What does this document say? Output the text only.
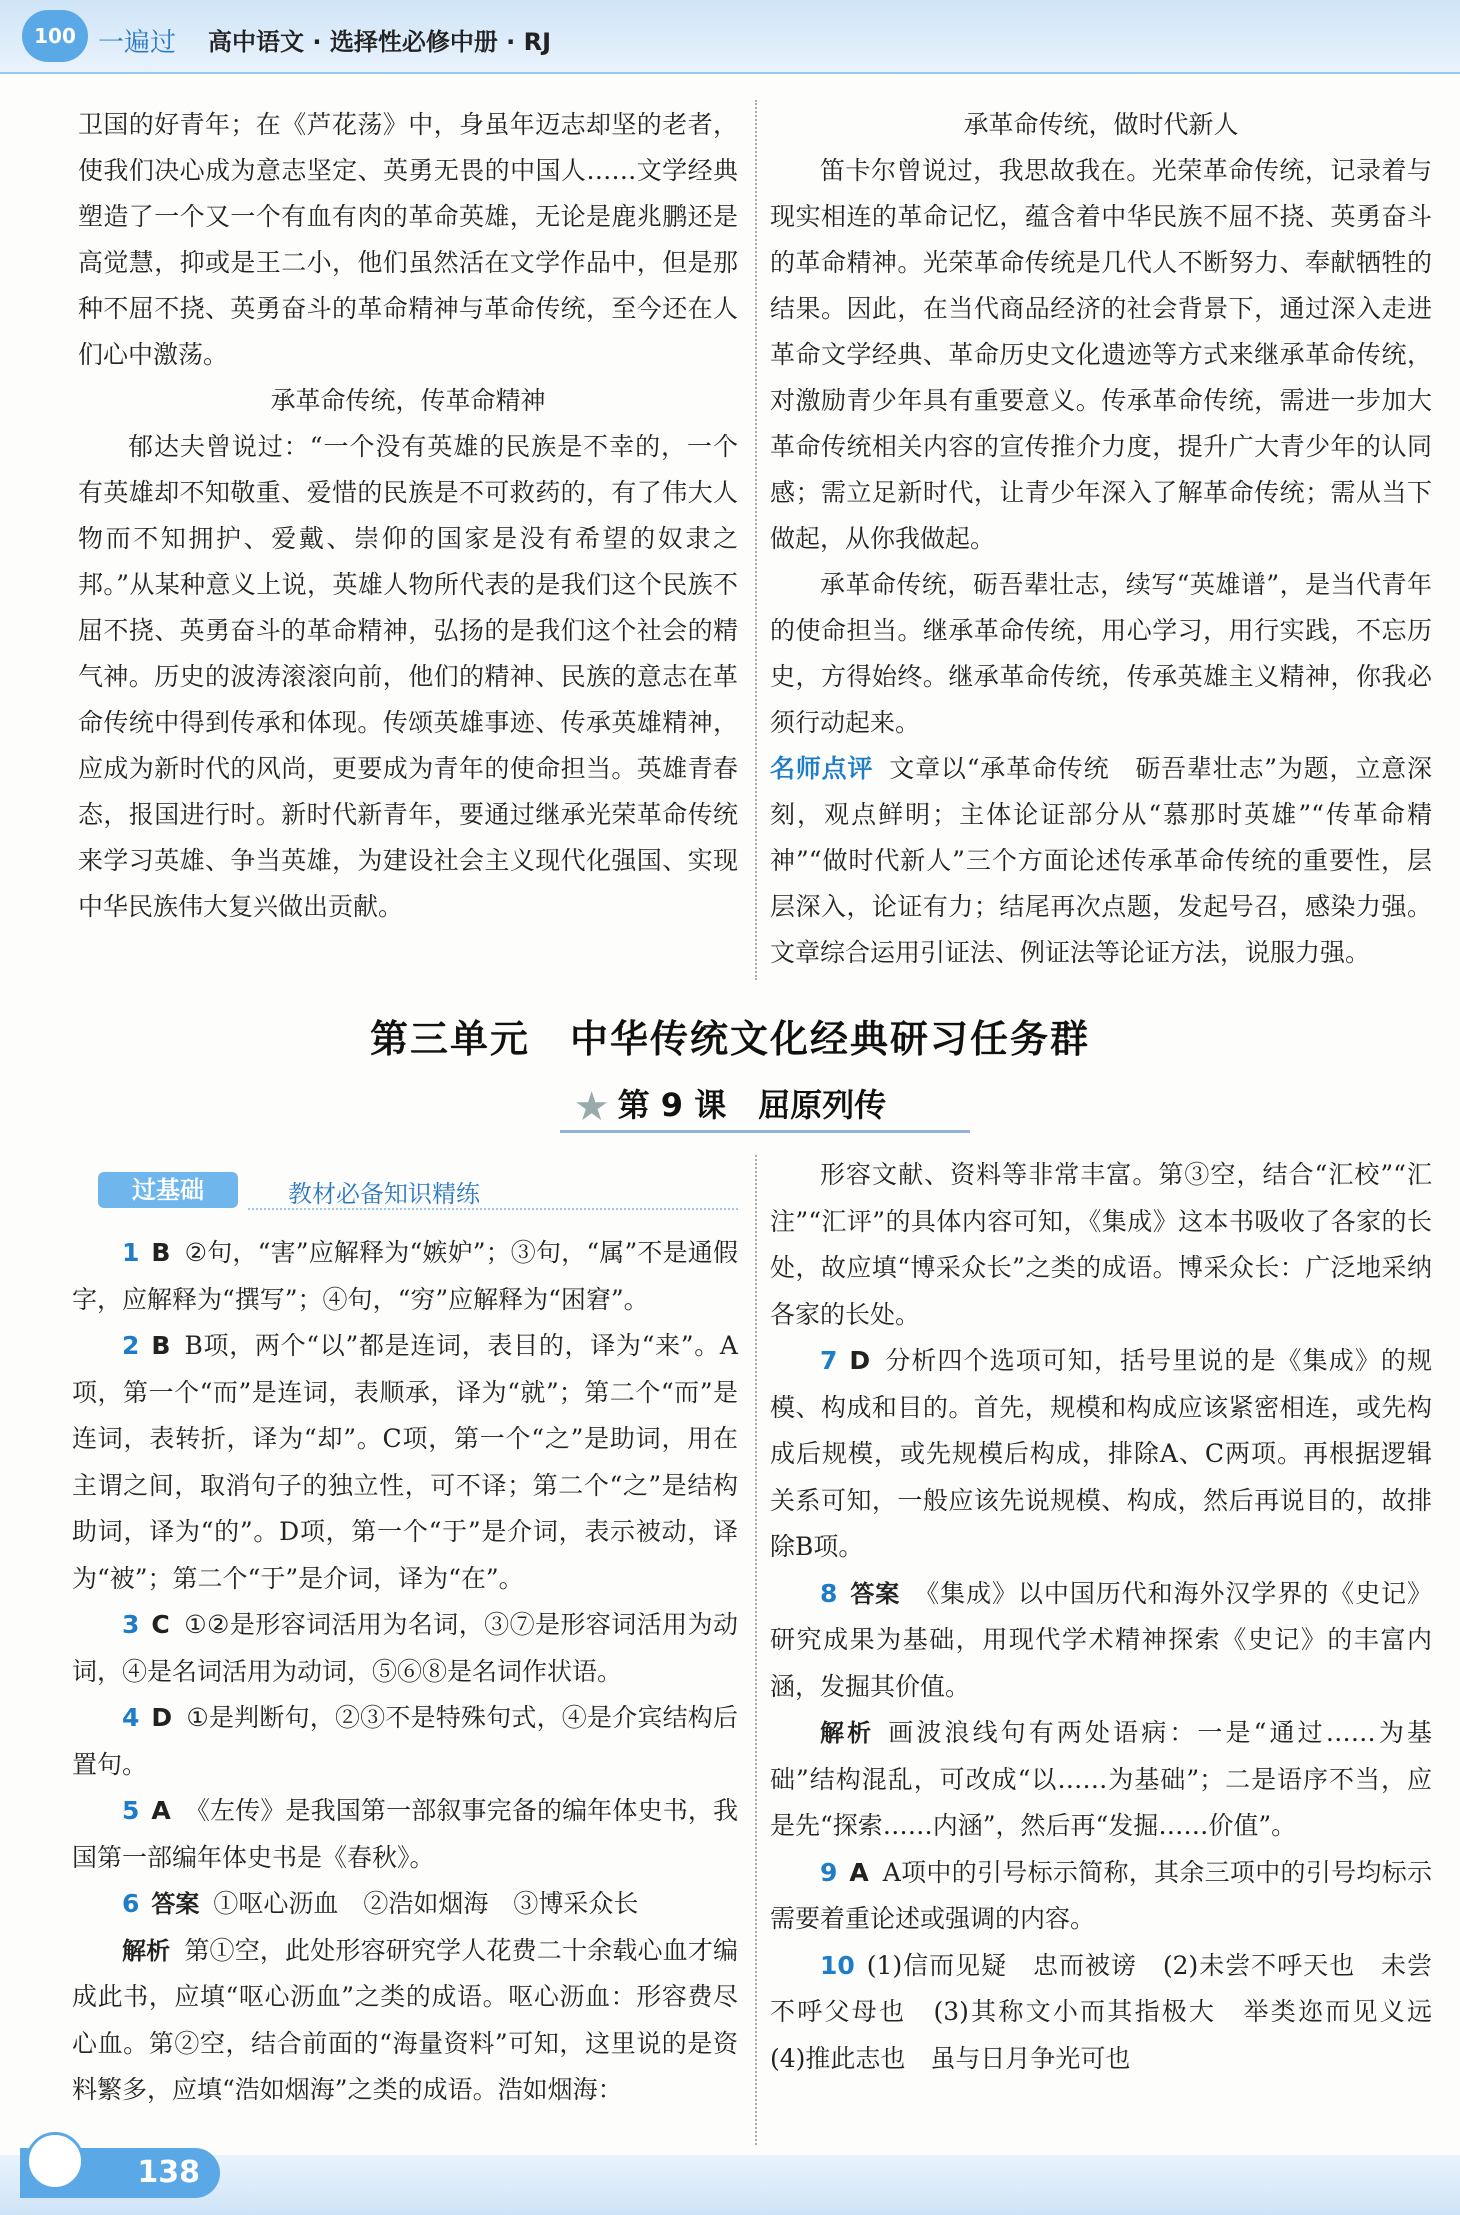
100 一遍过 高中语文 · 选择性必修中册 · RJ

卫国的好青年；在《芦花荡》中，身虽年迈志却坚的老者，使我们决心成为意志坚定、英勇无畏的中国人……文学经典塑造了一个又一个有血有肉的革命英雄，无论是鹿兆鹏还是高觉慧，抑或是王二小，他们虽然活在文学作品中，但是那种不屈不挠、英勇奋斗的革命精神与革命传统，至今还在人们心中激荡。

承革命传统，传革命精神

郁达夫曾说过：“一个没有英雄的民族是不幸的，一个有英雄却不知敬重、爱惜的民族是不可救药的，有了伟大人物而不知拥护、爱戴、崇仰的国家是没有希望的奴隶之邦。”从某种意义上说，英雄人物所代表的是我们这个民族不屈不挠、英勇奋斗的革命精神，弘扬的是我们这个社会的精气神。历史的波涛滚滚向前，他们的精神、民族的意志在革命传统中得到传承和体现。传颂英雄事迹、传承英雄精神，应成为新时代的风尚，更要成为青年的使命担当。英雄青春态，报国进行时。新时代新青年，要通过继承光荣革命传统来学习英雄、争当英雄，为建设社会主义现代化强国、实现中华民族伟大复兴做出贡献。

承革命传统，做时代新人

笛卡尔曾说过，我思故我在。光荣革命传统，记录着与现实相连的革命记忆，蕴含着中华民族不屈不挠、英勇奋斗的革命精神。光荣革命传统是几代人不断努力、奉献牺牲的结果。因此，在当代商品经济的社会背景下，通过深入走进革命文学经典、革命历史文化遗迹等方式来继承革命传统，对激励青少年具有重要意义。传承革命传统，需进一步加大革命传统相关内容的宣传推介力度，提升广大青少年的认同感；需立足新时代，让青少年深入了解革命传统；需从当下做起，从你我做起。

承革命传统，砺吾辈壮志，续写“英雄谱”，是当代青年的使命担当。继承革命传统，用心学习，用行实践，不忘历史，方得始终。继承革命传统，传承英雄主义精神，你我必须行动起来。

名师点评 文章以“承革命传统　砺吾辈壮志”为题，立意深刻，观点鲜明；主体论证部分从“慕那时英雄”“传革命精神”“做时代新人”三个方面论述传承革命传统的重要性，层层深入，论证有力；结尾再次点题，发起号召，感染力强。文章综合运用引证法、例证法等论证方法，说服力强。

第三单元　中华传统文化经典研习任务群
★ 第 9 课　屈原列传
过基础	教材必备知识精练

1 B ②句，“害”应解释为“嫉妒”；③句，“属”不是通假字，应解释为“撰写”；④句，“穷”应解释为“困窘”。

2 B B项，两个“以”都是连词，表目的，译为“来”。A项，第一个“而”是连词，表顺承，译为“就”；第二个“而”是连词，表转折，译为“却”。C项，第一个“之”是助词，用在主谓之间，取消句子的独立性，可不译；第二个“之”是结构助词，译为“的”。D项，第一个“于”是介词，表示被动，译为“被”；第二个“于”是介词，译为“在”。

3 C ①②是形容词活用为名词，③⑦是形容词活用为动词，④是名词活用为动词，⑤⑥⑧是名词作状语。

4 D ①是判断句，②③不是特殊句式，④是介宾结构后置句。

5 A 《左传》是我国第一部叙事完备的编年体史书，我国第一部编年体史书是《春秋》。

6 答案 ①呕心沥血　②浩如烟海　③博采众长

解析 第①空，此处形容研究学人花费二十余载心血才编成此书，应填“呕心沥血”之类的成语。呕心沥血：形容费尽心血。第②空，结合前面的“海量资料”可知，这里说的是资料繁多，应填“浩如烟海”之类的成语。浩如烟海：

形容文献、资料等非常丰富。第③空，结合“汇校”“汇注”“汇评”的具体内容可知，《集成》这本书吸收了各家的长处，故应填“博采众长”之类的成语。博采众长：广泛地采纳各家的长处。

7 D 分析四个选项可知，括号里说的是《集成》的规模、构成和目的。首先，规模和构成应该紧密相连，或先构成后规模，或先规模后构成，排除A、C两项。再根据逻辑关系可知，一般应该先说规模、构成，然后再说目的，故排除B项。

8 答案 《集成》以中国历代和海外汉学界的《史记》研究成果为基础，用现代学术精神探索《史记》的丰富内涵，发掘其价值。

解析 画波浪线句有两处语病：一是“通过……为基础”结构混乱，可改成“以……为基础”；二是语序不当，应是先“探索……内涵”，然后再“发掘……价值”。

9 A A项中的引号标示简称，其余三项中的引号均标示需要着重论述或强调的内容。

10 (1)信而见疑　忠而被谤　(2)未尝不呼天也　未尝不呼父母也　(3)其称文小而其指极大　举类迩而见义远　(4)推此志也　虽与日月争光可也

138
